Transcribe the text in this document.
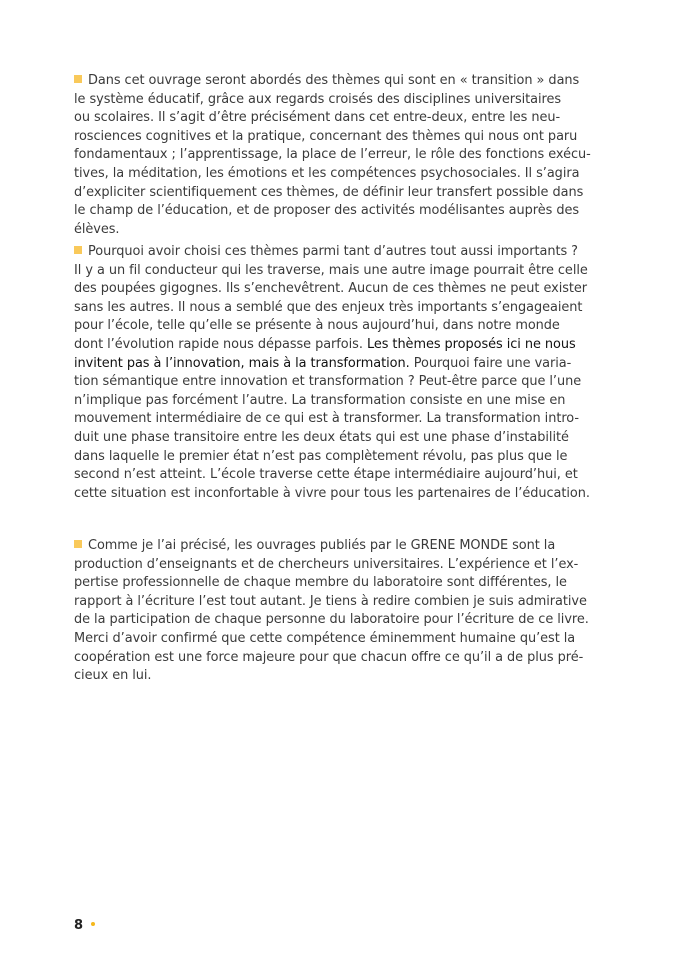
Dans cet ouvrage seront abordés des thèmes qui sont en « transition » dans
le système éducatif, grâce aux regards croisés des disciplines universitaires
ou scolaires. Il s’agit d’être précisément dans cet entre-deux, entre les neu-
rosciences cognitives et la pratique, concernant des thèmes qui nous ont paru
fondamentaux ; l’apprentissage, la place de l’erreur, le rôle des fonctions exécu-
tives, la méditation, les émotions et les compétences psychosociales. Il s’agira
d’expliciter scientifiquement ces thèmes, de définir leur transfert possible dans
le champ de l’éducation, et de proposer des activités modélisantes auprès des
élèves.
Pourquoi avoir choisi ces thèmes parmi tant d’autres tout aussi importants ?
Il y a un fil conducteur qui les traverse, mais une autre image pourrait être celle
des poupées gigognes. Ils s’enchevêtrent. Aucun de ces thèmes ne peut exister
sans les autres. Il nous a semblé que des enjeux très importants s’engageaient
pour l’école, telle qu’elle se présente à nous aujourd’hui, dans notre monde
dont l’évolution rapide nous dépasse parfois. Les thèmes proposés ici ne nous
invitent pas à l’innovation, mais à la transformation. Pourquoi faire une varia-
tion sémantique entre innovation et transformation ? Peut-être parce que l’une
n’implique pas forcément l’autre. La transformation consiste en une mise en
mouvement intermédiaire de ce qui est à transformer. La transformation intro-
duit une phase transitoire entre les deux états qui est une phase d’instabilité
dans laquelle le premier état n’est pas complètement révolu, pas plus que le
second n’est atteint. L’école traverse cette étape intermédiaire aujourd’hui, et
cette situation est inconfortable à vivre pour tous les partenaires de l’éducation.
Comme je l’ai précisé, les ouvrages publiés par le GRENE MONDE sont la
production d’enseignants et de chercheurs universitaires. L’expérience et l’ex-
pertise professionnelle de chaque membre du laboratoire sont différentes, le
rapport à l’écriture l’est tout autant. Je tiens à redire combien je suis admirative
de la participation de chaque personne du laboratoire pour l’écriture de ce livre.
Merci d’avoir confirmé que cette compétence éminemment humaine qu’est la
coopération est une force majeure pour que chacun offre ce qu’il a de plus pré-
cieux en lui.
8
